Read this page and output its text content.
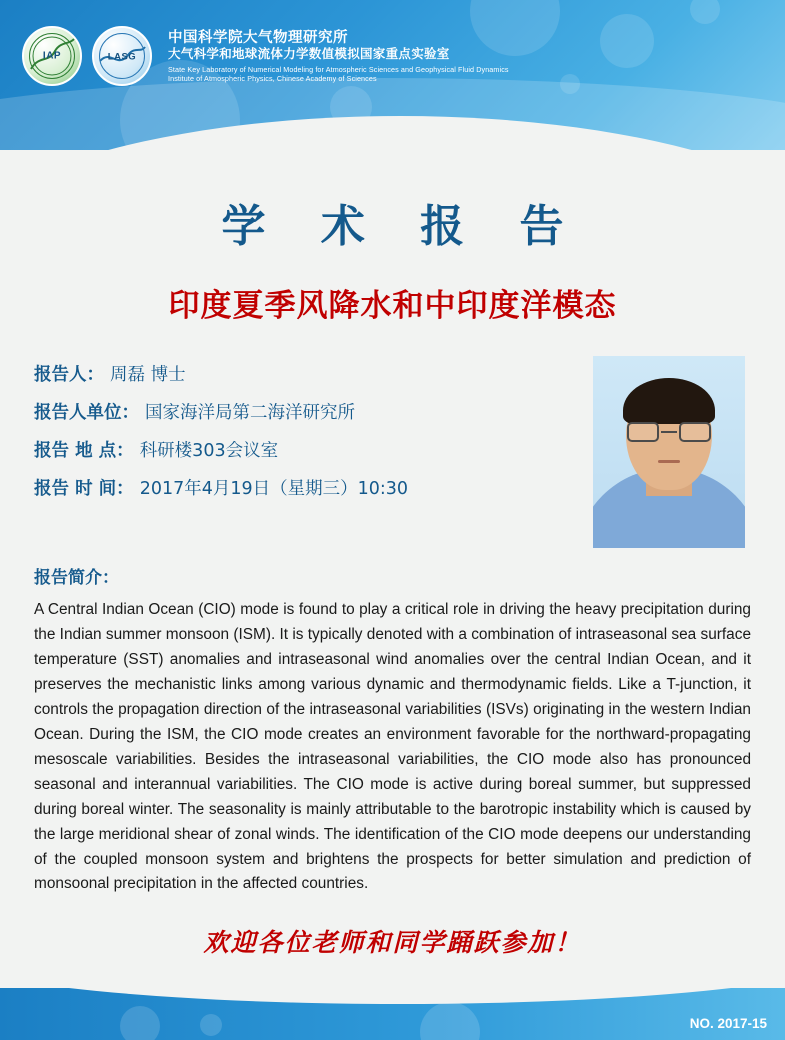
IAP	LASG
中国科学院大气物理研究所
大气科学和地球流体力学数值模拟国家重点实验室
State Key Laboratory of Numerical Modeling for Atmospheric Sciences and Geophysical Fluid Dynamics
Institute of Atmospheric Physics, Chinese Academy of Sciences
学 术 报 告
印度夏季风降水和中印度洋模态
报告人： 周磊 博士
报告人单位： 国家海洋局第二海洋研究所
报告 地 点： 科研楼303会议室
报告 时 间： 2017年4月19日（星期三）10:30
报告简介：
A Central Indian Ocean (CIO) mode is found to play a critical role in driving the heavy precipitation during the Indian summer monsoon (ISM). It is typically denoted with a combination of intraseasonal sea surface temperature (SST) anomalies and intraseasonal wind anomalies over the central Indian Ocean, and it preserves the mechanistic links among various dynamic and thermodynamic fields. Like a T-junction, it controls the propagation direction of the intraseasonal variabilities (ISVs) originating in the western Indian Ocean. During the ISM, the CIO mode creates an environment favorable for the northward-propagating mesoscale variabilities. Besides the intraseasonal variabilities, the CIO mode also has pronounced seasonal and interannual variabilities. The CIO mode is active during boreal summer, but suppressed during boreal winter. The seasonality is mainly attributable to the barotropic instability which is caused by the large meridional shear of zonal winds. The identification of the CIO mode deepens our understanding of the coupled monsoon system and brightens the prospects for better simulation and prediction of monsoonal precipitation in the affected countries.
欢迎各位老师和同学踊跃参加！
NO. 2017-15
